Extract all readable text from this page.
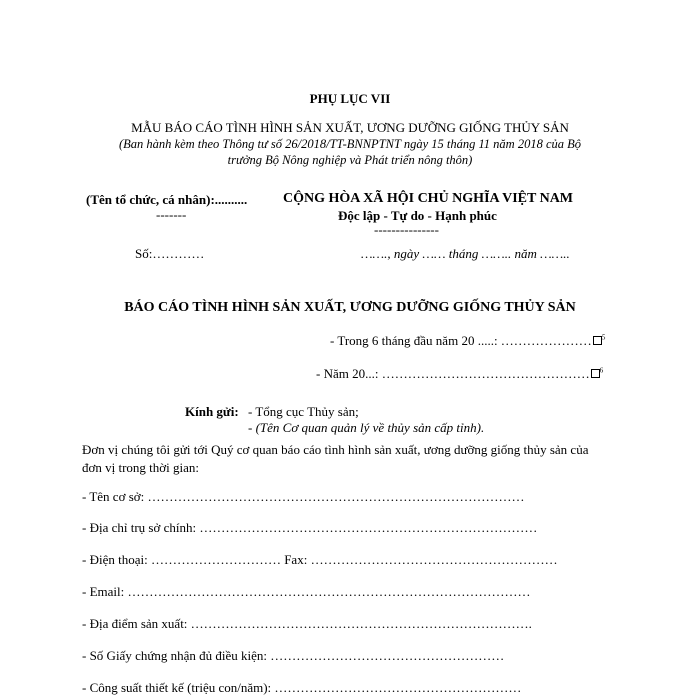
PHỤ LỤC VII
MẪU BÁO CÁO TÌNH HÌNH SẢN XUẤT, ƯƠNG DƯỠNG GIỐNG THỦY SẢN
(Ban hành kèm theo Thông tư số 26/2018/TT-BNNPTNT ngày 15 tháng 11 năm 2018 của Bộ
trưởng Bộ Nông nghiệp và Phát triển nông thôn)
(Tên tổ chức, cá nhân):..........
-------
CỘNG HÒA XÃ HỘI CHỦ NGHĨA VIỆT NAM
Độc lập - Tự do - Hạnh phúc
---------------
Số:…………	……., ngày …… tháng …….. năm ……..
BÁO CÁO TÌNH HÌNH SẢN XUẤT, ƯƠNG DƯỠNG GIỐNG THỦY SẢN
- Trong 6 tháng đầu năm 20 .....: ………………… $^5$
- Năm 20...: ………………………………………… $^6$
Kính gửi: - Tổng cục Thủy sản;
- (Tên Cơ quan quản lý về thủy sản cấp tỉnh).
Đơn vị chúng tôi gửi tới Quý cơ quan báo cáo tình hình sản xuất, ương dưỡng giống thủy sản của
đơn vị trong thời gian:
- Tên cơ sở: ……………………………………………………………………………
- Địa chỉ trụ sở chính: ……………………………………………………………………
- Điện thoại: ………………………… Fax: …………………………………………………
- Email: …………………………………………………………………………………
- Địa điểm sản xuất: …………………………………………………………………….
- Số Giấy chứng nhận đủ điều kiện: ………………………………………………
- Công suất thiết kế (triệu con/năm): …………………………………………………
